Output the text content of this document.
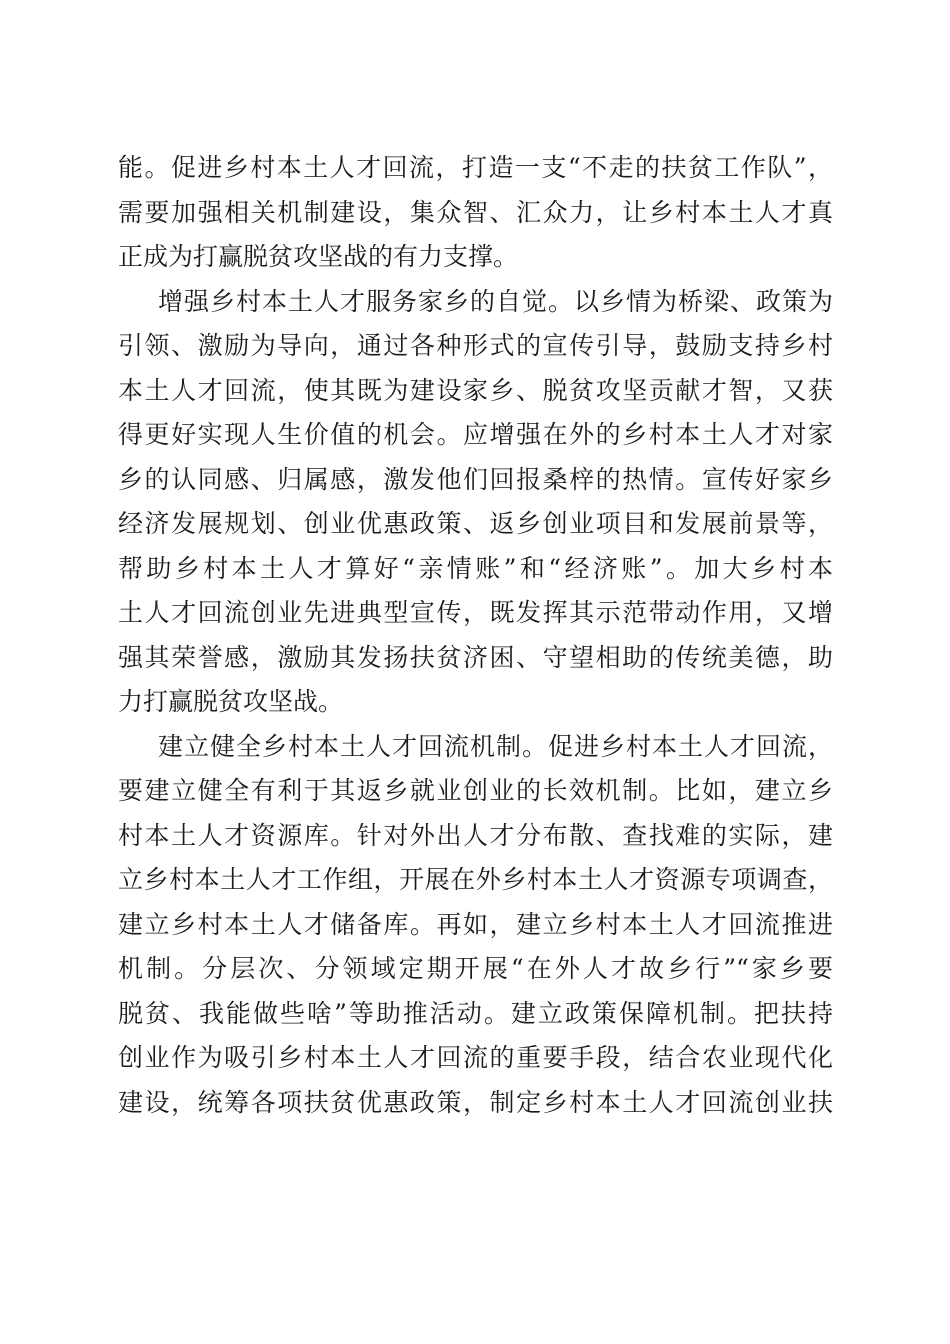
能。促进乡村本土人才回流，打造一支“不走的扶贫工作队”，
需要加强相关机制建设，集众智、汇众力，让乡村本土人才真
正成为打赢脱贫攻坚战的有力支撑。
增强乡村本土人才服务家乡的自觉。以乡情为桥梁、政策为
引领、激励为导向，通过各种形式的宣传引导，鼓励支持乡村
本土人才回流，使其既为建设家乡、脱贫攻坚贡献才智，又获
得更好实现人生价值的机会。应增强在外的乡村本土人才对家
乡的认同感、归属感，激发他们回报桑梓的热情。宣传好家乡
经济发展规划、创业优惠政策、返乡创业项目和发展前景等，
帮助乡村本土人才算好“亲情账”和“经济账”。加大乡村本
土人才回流创业先进典型宣传，既发挥其示范带动作用，又增
强其荣誉感，激励其发扬扶贫济困、守望相助的传统美德，助
力打赢脱贫攻坚战。
建立健全乡村本土人才回流机制。促进乡村本土人才回流，
要建立健全有利于其返乡就业创业的长效机制。比如，建立乡
村本土人才资源库。针对外出人才分布散、查找难的实际，建
立乡村本土人才工作组，开展在外乡村本土人才资源专项调查，
建立乡村本土人才储备库。再如，建立乡村本土人才回流推进
机制。分层次、分领域定期开展“在外人才故乡行”“家乡要
脱贫、我能做些啥”等助推活动。建立政策保障机制。把扶持
创业作为吸引乡村本土人才回流的重要手段，结合农业现代化
建设，统筹各项扶贫优惠政策，制定乡村本土人才回流创业扶
